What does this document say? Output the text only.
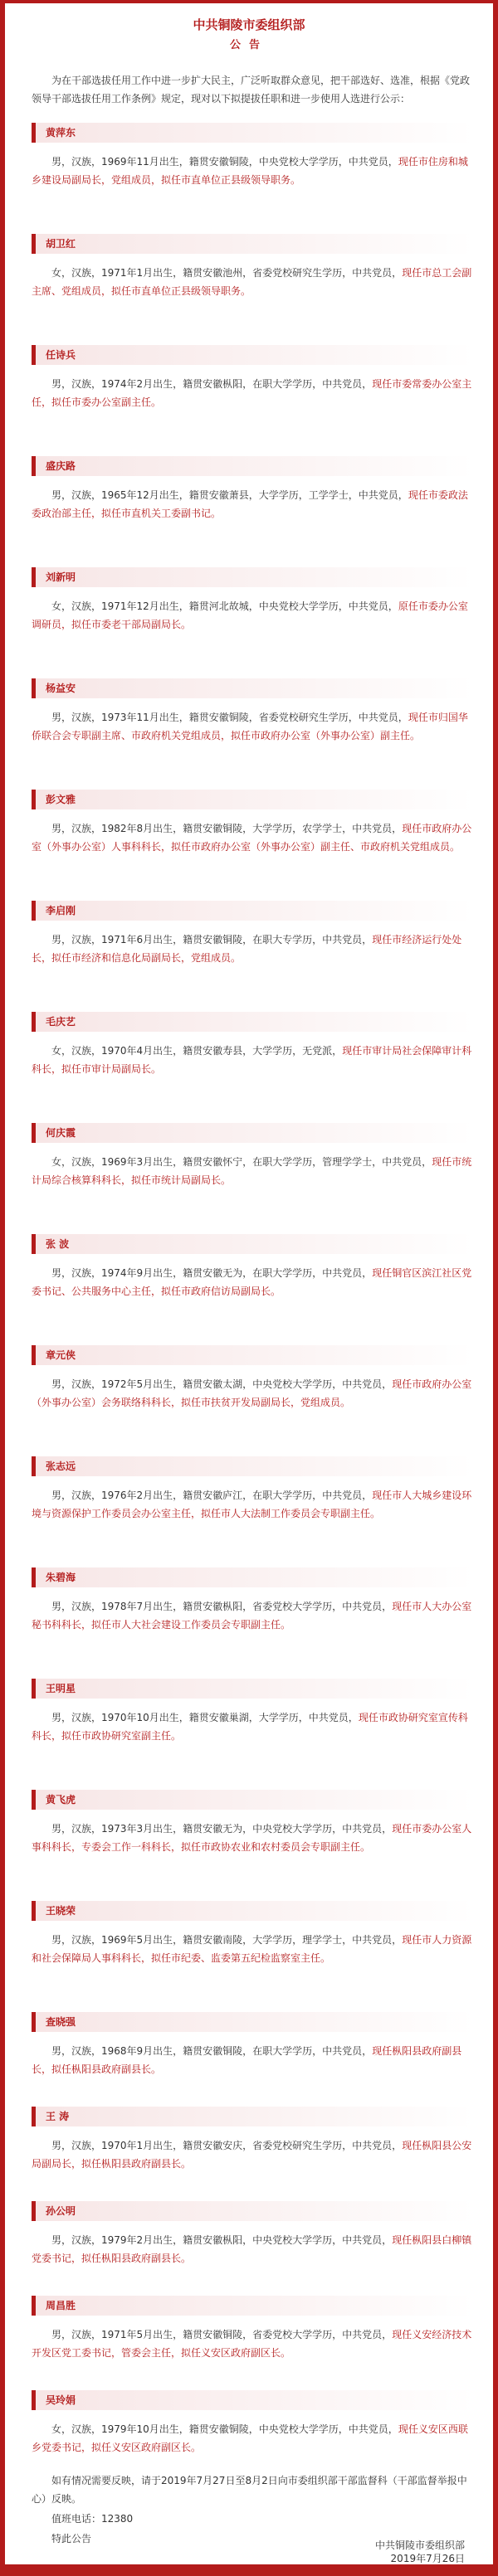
中共铜陵市委组织部
公告

为在干部选拔任用工作中进一步扩大民主，广泛听取群众意见，把干部选好、选准，根据《党政领导干部选拔任用工作条例》规定，现对以下拟提拔任职和进一步使用人选进行公示：

黄萍东

男，汉族，1969年11月出生，籍贯安徽铜陵，中央党校大学学历，中共党员，现任市住房和城乡建设局副局长，党组成员，拟任市直单位正县级领导职务。

胡卫红

女，汉族，1971年1月出生，籍贯安徽池州，省委党校研究生学历，中共党员，现任市总工会副主席、党组成员，拟任市直单位正县级领导职务。

任诗兵

男，汉族，1974年2月出生，籍贯安徽枞阳，在职大学学历，中共党员，现任市委常委办公室主任，拟任市委办公室副主任。

盛庆路

男，汉族，1965年12月出生，籍贯安徽萧县，大学学历，工学学士，中共党员，现任市委政法委政治部主任，拟任市直机关工委副书记。

刘新明

女，汉族，1971年12月出生，籍贯河北故城，中央党校大学学历，中共党员，原任市委办公室调研员，拟任市委老干部局副局长。

杨益安

男，汉族，1973年11月出生，籍贯安徽铜陵，省委党校研究生学历，中共党员，现任市归国华侨联合会专职副主席、市政府机关党组成员，拟任市政府办公室（外事办公室）副主任。

彭文雅

男，汉族，1982年8月出生，籍贯安徽铜陵，大学学历，农学学士，中共党员，现任市政府办公室（外事办公室）人事科科长，拟任市政府办公室（外事办公室）副主任、市政府机关党组成员。

李启刚

男，汉族，1971年6月出生，籍贯安徽铜陵，在职大专学历，中共党员，现任市经济运行处处长，拟任市经济和信息化局副局长，党组成员。

毛庆艺

女，汉族，1970年4月出生，籍贯安徽寿县，大学学历，无党派，现任市审计局社会保障审计科科长，拟任市审计局副局长。

何庆霞

女，汉族，1969年3月出生，籍贯安徽怀宁，在职大学学历，管理学学士，中共党员，现任市统计局综合核算科科长，拟任市统计局副局长。

张 波

男，汉族，1974年9月出生，籍贯安徽无为，在职大学学历，中共党员，现任铜官区滨江社区党委书记、公共服务中心主任，拟任市政府信访局副局长。

章元侠

男，汉族，1972年5月出生，籍贯安徽太湖，中央党校大学学历，中共党员，现任市政府办公室（外事办公室）会务联络科科长，拟任市扶贫开发局副局长，党组成员。

张志远

男，汉族，1976年2月出生，籍贯安徽庐江，在职大学学历，中共党员，现任市人大城乡建设环境与资源保护工作委员会办公室主任，拟任市人大法制工作委员会专职副主任。

朱碧海

男，汉族，1978年7月出生，籍贯安徽枞阳，省委党校大学学历，中共党员，现任市人大办公室秘书科科长，拟任市人大社会建设工作委员会专职副主任。

王明星

男，汉族，1970年10月出生，籍贯安徽巢湖，大学学历，中共党员，现任市政协研究室宣传科科长，拟任市政协研究室副主任。

黄飞虎

男，汉族，1973年3月出生，籍贯安徽无为，中央党校大学学历，中共党员，现任市委办公室人事科科长，专委会工作一科科长，拟任市政协农业和农村委员会专职副主任。

王晓荣

男，汉族，1969年5月出生，籍贯安徽南陵，大学学历，理学学士，中共党员，现任市人力资源和社会保障局人事科科长，拟任市纪委、监委第五纪检监察室主任。

查晓强

男，汉族，1968年9月出生，籍贯安徽铜陵，在职大学学历，中共党员，现任枞阳县政府副县长，拟任枞阳县政府副县长。

王 涛

男，汉族，1970年1月出生，籍贯安徽安庆，省委党校研究生学历，中共党员，现任枞阳县公安局副局长，拟任枞阳县政府副县长。

孙公明

男，汉族，1979年2月出生，籍贯安徽枞阳，中央党校大学学历，中共党员，现任枞阳县白柳镇党委书记，拟任枞阳县政府副县长。

周昌胜

男，汉族，1971年5月出生，籍贯安徽铜陵，省委党校大学学历，中共党员，现任义安经济技术开发区党工委书记，管委会主任，拟任义安区政府副区长。

吴玲娟

女，汉族，1979年10月出生，籍贯安徽铜陵，中央党校大学学历，中共党员，现任义安区西联乡党委书记，拟任义安区政府副区长。

如有情况需要反映，请于2019年7月27日至8月2日向市委组织部干部监督科（干部监督举报中心）反映。

值班电话：12380

特此公告

中共铜陵市委组织部
2019年7月26日
